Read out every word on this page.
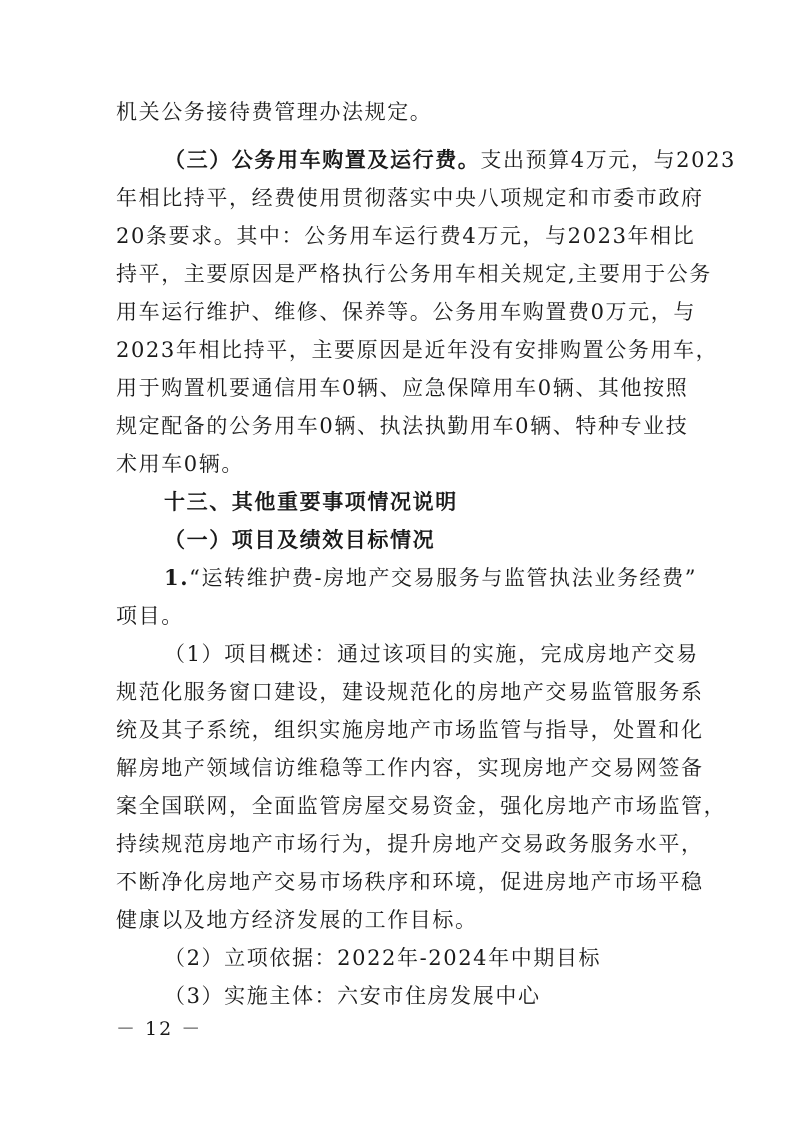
机关公务接待费管理办法规定。
（三）公务用车购置及运行费。支出预算4万元，与2023
年相比持平，经费使用贯彻落实中央八项规定和市委市政府
20条要求。其中：公务用车运行费4万元，与2023年相比
持平，主要原因是严格执行公务用车相关规定,主要用于公务
用车运行维护、维修、保养等。公务用车购置费0万元，与
2023年相比持平，主要原因是近年没有安排购置公务用车，
用于购置机要通信用车0辆、应急保障用车0辆、其他按照
规定配备的公务用车0辆、执法执勤用车0辆、特种专业技
术用车0辆。
十三、其他重要事项情况说明
（一）项目及绩效目标情况
1.“运转维护费-房地产交易服务与监管执法业务经费”
项目。
（1）项目概述：通过该项目的实施，完成房地产交易
规范化服务窗口建设，建设规范化的房地产交易监管服务系
统及其子系统，组织实施房地产市场监管与指导，处置和化
解房地产领域信访维稳等工作内容，实现房地产交易网签备
案全国联网，全面监管房屋交易资金，强化房地产市场监管，
持续规范房地产市场行为，提升房地产交易政务服务水平，
不断净化房地产交易市场秩序和环境，促进房地产市场平稳
健康以及地方经济发展的工作目标。
（2）立项依据：2022年-2024年中期目标
（3）实施主体：六安市住房发展中心
－ 12 －
